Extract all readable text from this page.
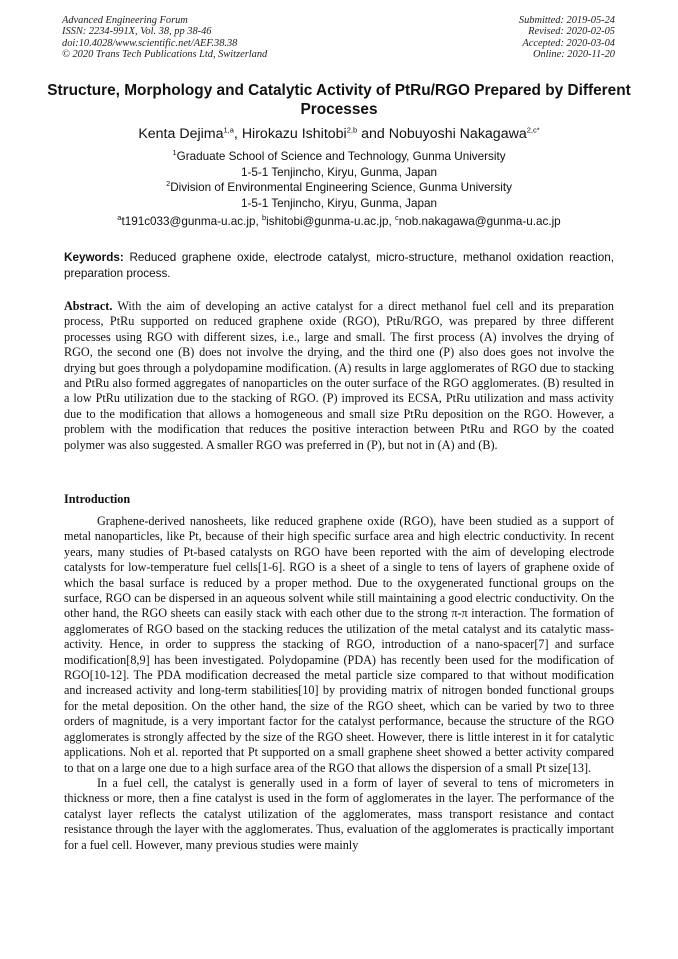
Advanced Engineering Forum
ISSN: 2234-991X, Vol. 38, pp 38-46
doi:10.4028/www.scientific.net/AEF.38.38
© 2020 Trans Tech Publications Ltd, Switzerland
Submitted: 2019-05-24
Revised: 2020-02-05
Accepted: 2020-03-04
Online: 2020-11-20
Structure, Morphology and Catalytic Activity of PtRu/RGO Prepared by Different Processes
Kenta Dejima$^{1,a}$, Hirokazu Ishitobi$^{2,b}$ and Nobuyoshi Nakagawa$^{2,c*}$
$^1$Graduate School of Science and Technology, Gunma University
1-5-1 Tenjincho, Kiryu, Gunma, Japan
$^2$Division of Environmental Engineering Science, Gunma University
1-5-1 Tenjincho, Kiryu, Gunma, Japan
$^a$t191c033@gunma-u.ac.jp, $^b$ishitobi@gunma-u.ac.jp, $^c$nob.nakagawa@gunma-u.ac.jp
Keywords: Reduced graphene oxide, electrode catalyst, micro-structure, methanol oxidation reaction, preparation process.
Abstract. With the aim of developing an active catalyst for a direct methanol fuel cell and its preparation process, PtRu supported on reduced graphene oxide (RGO), PtRu/RGO, was prepared by three different processes using RGO with different sizes, i.e., large and small. The first process (A) involves the drying of RGO, the second one (B) does not involve the drying, and the third one (P) also does goes not involve the drying but goes through a polydopamine modification. (A) results in large agglomerates of RGO due to stacking and PtRu also formed aggregates of nanoparticles on the outer surface of the RGO agglomerates. (B) resulted in a low PtRu utilization due to the stacking of RGO. (P) improved its ECSA, PtRu utilization and mass activity due to the modification that allows a homogeneous and small size PtRu deposition on the RGO. However, a problem with the modification that reduces the positive interaction between PtRu and RGO by the coated polymer was also suggested. A smaller RGO was preferred in (P), but not in (A) and (B).
Introduction

Graphene-derived nanosheets, like reduced graphene oxide (RGO), have been studied as a support of metal nanoparticles, like Pt, because of their high specific surface area and high electric conductivity. In recent years, many studies of Pt-based catalysts on RGO have been reported with the aim of developing electrode catalysts for low-temperature fuel cells[1-6]. RGO is a sheet of a single to tens of layers of graphene oxide of which the basal surface is reduced by a proper method. Due to the oxygenerated functional groups on the surface, RGO can be dispersed in an aqueous solvent while still maintaining a good electric conductivity. On the other hand, the RGO sheets can easily stack with each other due to the strong π-π interaction. The formation of agglomerates of RGO based on the stacking reduces the utilization of the metal catalyst and its catalytic mass-activity. Hence, in order to suppress the stacking of RGO, introduction of a nano-spacer[7] and surface modification[8,9] has been investigated. Polydopamine (PDA) has recently been used for the modification of RGO[10-12]. The PDA modification decreased the metal particle size compared to that without modification and increased activity and long-term stabilities[10] by providing matrix of nitrogen bonded functional groups for the metal deposition. On the other hand, the size of the RGO sheet, which can be varied by two to three orders of magnitude, is a very important factor for the catalyst performance, because the structure of the RGO agglomerates is strongly affected by the size of the RGO sheet. However, there is little interest in it for catalytic applications. Noh et al. reported that Pt supported on a small graphene sheet showed a better activity compared to that on a large one due to a high surface area of the RGO that allows the dispersion of a small Pt size[13].

In a fuel cell, the catalyst is generally used in a form of layer of several to tens of micrometers in thickness or more, then a fine catalyst is used in the form of agglomerates in the layer. The performance of the catalyst layer reflects the catalyst utilization of the agglomerates, mass transport resistance and contact resistance through the layer with the agglomerates. Thus, evaluation of the agglomerates is practically important for a fuel cell. However, many previous studies were mainly
